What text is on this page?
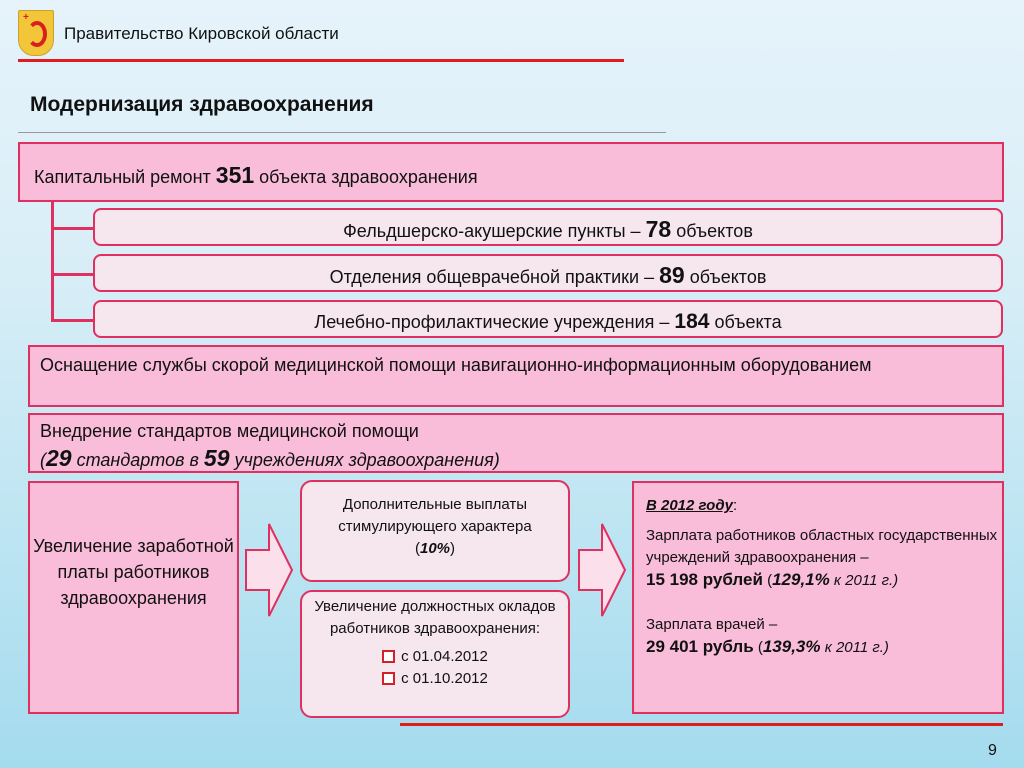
+
Правительство Кировской области
Модернизация здравоохранения
Капитальный ремонт 351 объекта здравоохранения
Фельдшерско-акушерские пункты – 78 объектов
Отделения общеврачебной практики – 89 объектов
Лечебно-профилактические учреждения – 184 объекта
Оснащение службы скорой медицинской помощи навигационно-информационным оборудованием
Внедрение стандартов медицинской помощи
(29 стандартов в 59 учреждениях здравоохранения)
Увеличение заработной платы работников здравоохранения
Дополнительные выплаты стимулирующего характера
(10%)
Увеличение должностных окладов работников здравоохранения:
с 01.04.2012
с 01.10.2012
В 2012 году:
Зарплата работников областных государственных учреждений здравоохранения –
15 198 рублей (129,1% к 2011 г.)
Зарплата врачей –
29 401 рубль (139,3% к 2011 г.)
9
